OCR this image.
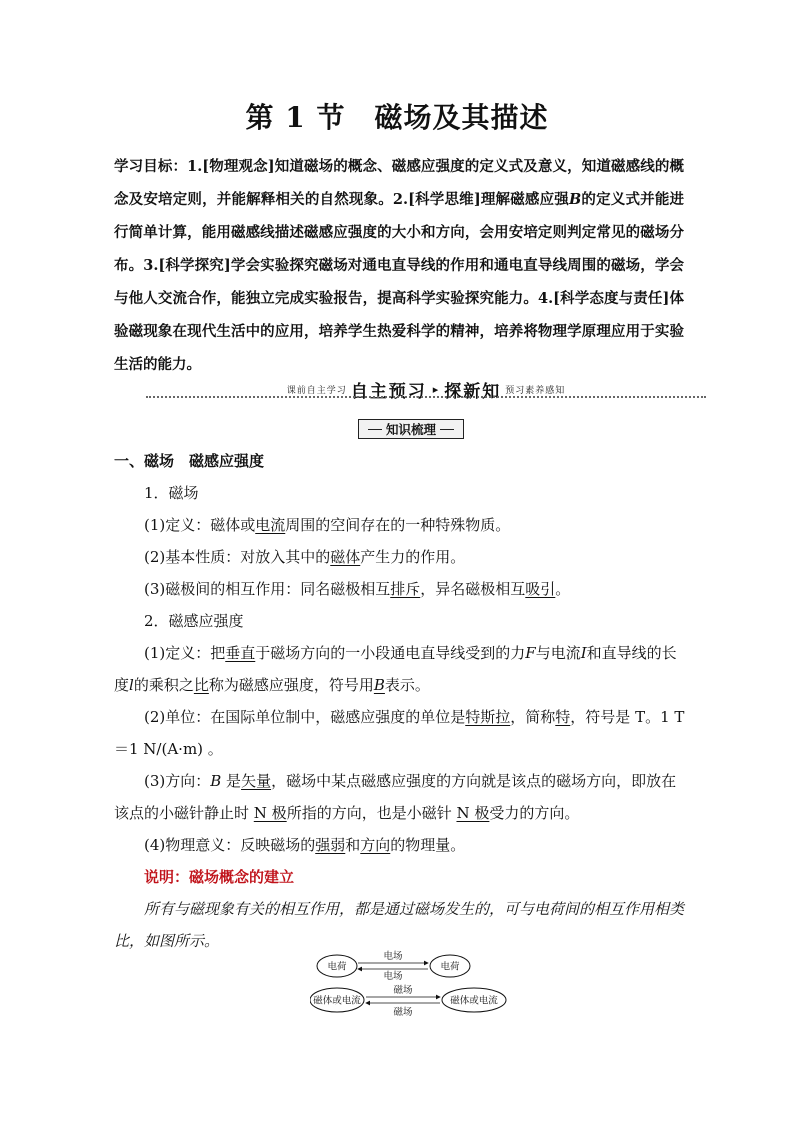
第 1 节　磁场及其描述
学习目标：1.[物理观念]知道磁场的概念、磁感应强度的定义式及意义，知道磁感线的概念及安培定则，并能解释相关的自然现象。2.[科学思维]理解磁感应强B的定义式并能进行简单计算，能用磁感线描述磁感应强度的大小和方向，会用安培定则判定常见的磁场分布。3.[科学探究]学会实验探究磁场对通电直导线的作用和通电直导线周围的磁场，学会与他人交流合作，能独立完成实验报告，提高科学实验探究能力。4.[科学态度与责任]体验磁现象在现代生活中的应用，培养学生热爱科学的精神，培养将物理学原理应用于实验生活的能力。
课前自主学习 自主预习 ▸ 探新知 预习素养感知
知识梳理

一、磁场　磁感应强度

1．磁场

(1)定义：磁体或电流周围的空间存在的一种特殊物质。

(2)基本性质：对放入其中的磁体产生力的作用。

(3)磁极间的相互作用：同名磁极相互排斥，异名磁极相互吸引。

2．磁感应强度

(1)定义：把垂直于磁场方向的一小段通电直导线受到的力F与电流I和直导线的长度l的乘积之比称为磁感应强度，符号用B表示。

(2)单位：在国际单位制中，磁感应强度的单位是特斯拉，简称特，符号是 T。1 T＝1 N/(A·m) 。

(3)方向：B 是矢量，磁场中某点磁感应强度的方向就是该点的磁场方向，即放在该点的小磁针静止时 N 极所指的方向，也是小磁针 N 极受力的方向。

(4)物理意义：反映磁场的强弱和方向的物理量。

说明：磁场概念的建立

所有与磁现象有关的相互作用，都是通过磁场发生的，可与电荷间的相互作用相类比，如图所示。

电荷	电荷
电场
电场
磁体或电流	磁体或电流
磁场
磁场
